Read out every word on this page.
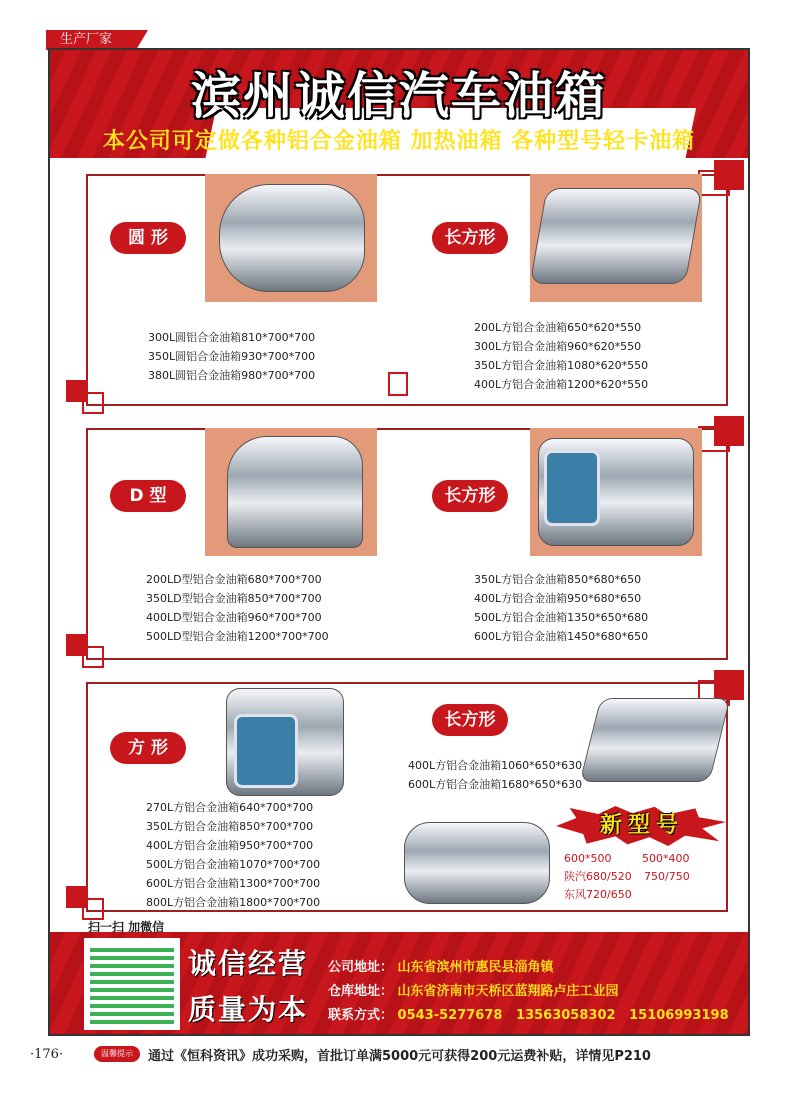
生产厂家
滨州诚信汽车油箱
本公司可定做各种铝合金油箱 加热油箱 各种型号轻卡油箱
圆 形
300L圆铝合金油箱810*700*700
350L圆铝合金油箱930*700*700
380L圆铝合金油箱980*700*700
长方形
200L方铝合金油箱650*620*550
300L方铝合金油箱960*620*550
350L方铝合金油箱1080*620*550
400L方铝合金油箱1200*620*550
D 型
200LD型铝合金油箱680*700*700
350LD型铝合金油箱850*700*700
400LD型铝合金油箱960*700*700
500LD型铝合金油箱1200*700*700
长方形
350L方铝合金油箱850*680*650
400L方铝合金油箱950*680*650
500L方铝合金油箱1350*650*680
600L方铝合金油箱1450*680*650
方 形
270L方铝合金油箱640*700*700
350L方铝合金油箱850*700*700
400L方铝合金油箱950*700*700
500L方铝合金油箱1070*700*700
600L方铝合金油箱1300*700*700
800L方铝合金油箱1800*700*700
长方形
400L方铝合金油箱1060*650*630
600L方铝合金油箱1680*650*630
新型号
600*500	500*400
陕汽680/520 750/750
东风720/650
扫一扫 加微信
诚信经营
质量为本
公司地址： 山东省滨州市惠民县淄角镇
仓库地址： 山东省济南市天桥区蓝翔路卢庄工业园
联系方式： 0543-5277678 13563058302 15106993198
·176·	温馨提示	通过《恒科资讯》成功采购，首批订单满5000元可获得200元运费补贴，详情见P210
